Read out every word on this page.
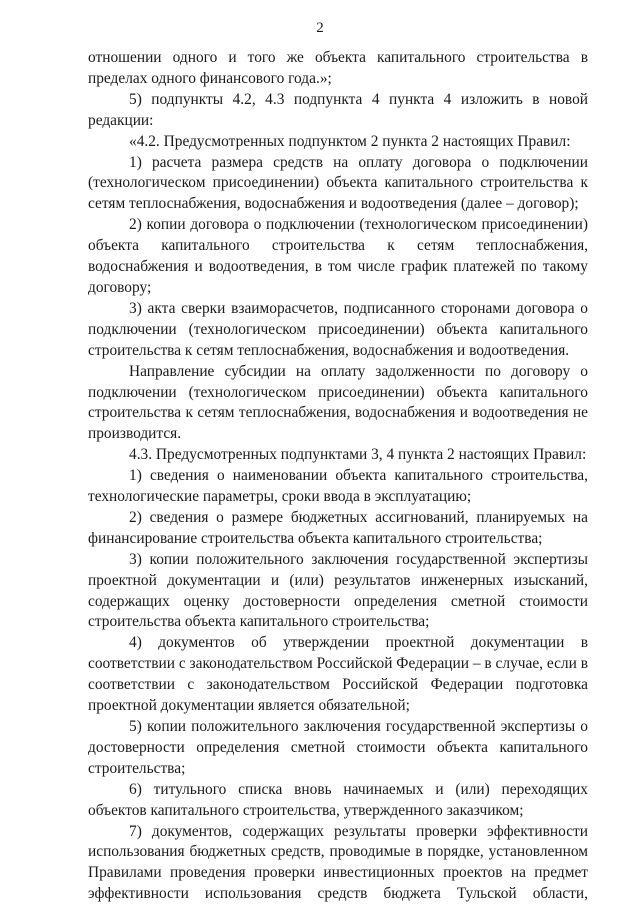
2

отношении одного и того же объекта капитального строительства в пределах одного финансового года.»;

5) подпункты 4.2, 4.3 подпункта 4 пункта 4 изложить в новой редакции:

«4.2. Предусмотренных подпунктом 2 пункта 2 настоящих Правил:

1) расчета размера средств на оплату договора о подключении (технологическом присоединении) объекта капитального строительства к сетям теплоснабжения, водоснабжения и водоотведения (далее – договор);

2) копии договора о подключении (технологическом присоединении) объекта капитального строительства к сетям теплоснабжения, водоснабжения и водоотведения, в том числе график платежей по такому договору;

3) акта сверки взаиморасчетов, подписанного сторонами договора о подключении (технологическом присоединении) объекта капитального строительства к сетям теплоснабжения, водоснабжения и водоотведения.

Направление субсидии на оплату задолженности по договору о подключении (технологическом присоединении) объекта капитального строительства к сетям теплоснабжения, водоснабжения и водоотведения не производится.

4.3. Предусмотренных подпунктами 3, 4 пункта 2 настоящих Правил:

1) сведения о наименовании объекта капитального строительства, технологические параметры, сроки ввода в эксплуатацию;

2) сведения о размере бюджетных ассигнований, планируемых на финансирование строительства объекта капитального строительства;

3) копии положительного заключения государственной экспертизы проектной документации и (или) результатов инженерных изысканий, содержащих оценку достоверности определения сметной стоимости строительства объекта капитального строительства;

4) документов об утверждении проектной документации в соответствии с законодательством Российской Федерации – в случае, если в соответствии с законодательством Российской Федерации подготовка проектной документации является обязательной;

5) копии положительного заключения государственной экспертизы о достоверности определения сметной стоимости объекта капитального строительства;

6) титульного списка вновь начинаемых и (или) переходящих объектов капитального строительства, утвержденного заказчиком;

7) документов, содержащих результаты проверки эффективности использования бюджетных средств, проводимые в порядке, установленном Правилами проведения проверки инвестиционных проектов на предмет эффективности использования средств бюджета Тульской области,
